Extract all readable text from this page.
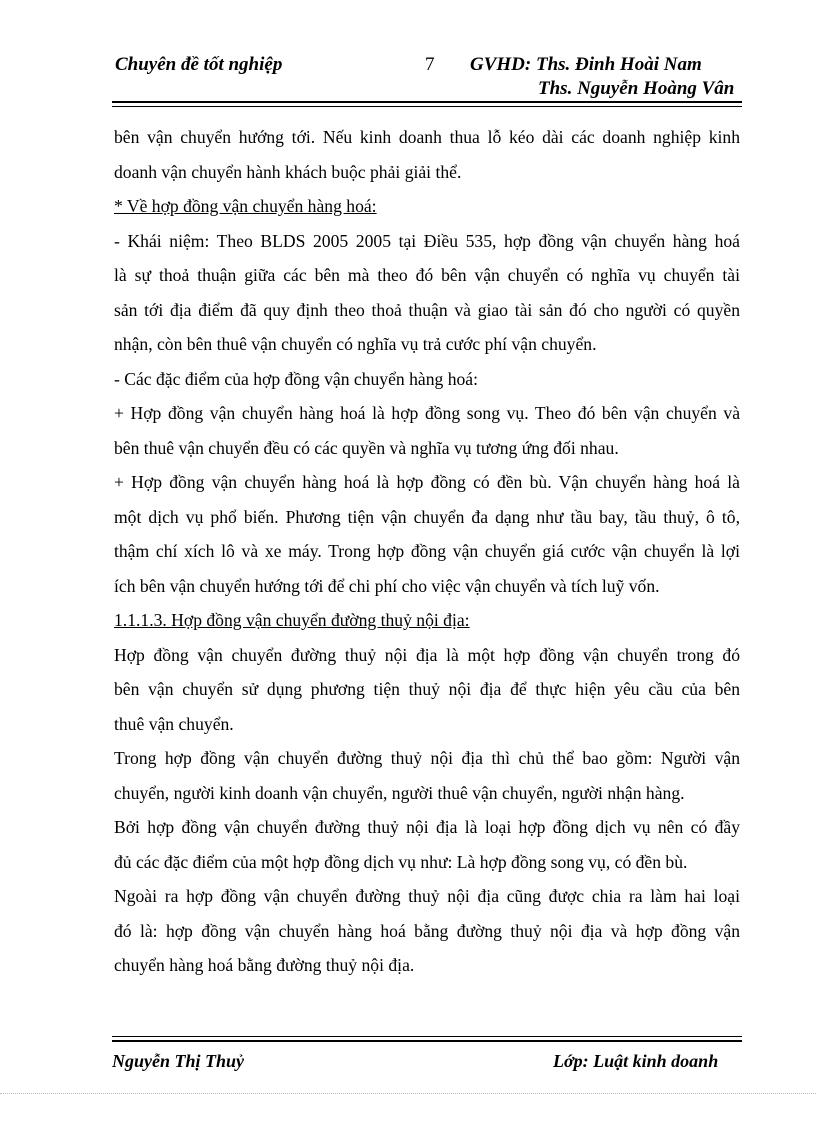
Chuyên đề tốt nghiệp	7 GVHD: Ths. Đinh Hoài Nam
Ths. Nguyễn Hoàng Vân
bên vận chuyển hướng tới. Nếu kinh doanh thua lỗ kéo dài các doanh nghiệp kinh
doanh vận chuyển hành khách buộc phải giải thể.
* Về hợp đồng vận chuyển hàng hoá:
- Khái niệm: Theo BLDS 2005 2005 tại Điều 535, hợp đồng vận chuyển hàng hoá
là sự thoả thuận giữa các bên mà theo đó bên vận chuyển có nghĩa vụ chuyển tài
sản tới địa điểm đã quy định theo thoả thuận và giao tài sản đó cho người có quyền
nhận, còn bên thuê vận chuyển có nghĩa vụ trả cước phí vận chuyển.
- Các đặc điểm của hợp đồng vận chuyển hàng hoá:
+ Hợp đồng vận chuyển hàng hoá là hợp đồng song vụ. Theo đó bên vận chuyển và
bên thuê vận chuyển đều có các quyền và nghĩa vụ tương ứng đối nhau.
+ Hợp đồng vận chuyển hàng hoá là hợp đồng có đền bù. Vận chuyển hàng hoá là
một dịch vụ phổ biến. Phương tiện vận chuyển đa dạng như tầu bay, tầu thuỷ, ô tô,
thậm chí xích lô và xe máy. Trong hợp đồng vận chuyển giá cước vận chuyển là lợi
ích bên vận chuyển hướng tới để chi phí cho việc vận chuyển và tích luỹ vốn.
1.1.1.3. Hợp đồng vận chuyển đường thuỷ nội địa:
Hợp đồng vận chuyển đường thuỷ nội địa là một hợp đồng vận chuyển trong đó
bên vận chuyển sử dụng phương tiện thuỷ nội địa để thực hiện yêu cầu của bên
thuê vận chuyển.
Trong hợp đồng vận chuyển đường thuỷ nội địa thì chủ thể bao gồm: Người vận
chuyển, người kinh doanh vận chuyển, người thuê vận chuyển, người nhận hàng.
Bởi hợp đồng vận chuyển đường thuỷ nội địa là loại hợp đồng dịch vụ nên có đầy
đủ các đặc điểm của một hợp đồng dịch vụ như: Là hợp đồng song vụ, có đền bù.
Ngoài ra hợp đồng vận chuyển đường thuỷ nội địa cũng được chia ra làm hai loại
đó là: hợp đồng vận chuyển hàng hoá bằng đường thuỷ nội địa và hợp đồng vận
chuyển hàng hoá bằng đường thuỷ nội địa.
Nguyễn Thị Thuỷ	Lớp: Luật kinh doanh
